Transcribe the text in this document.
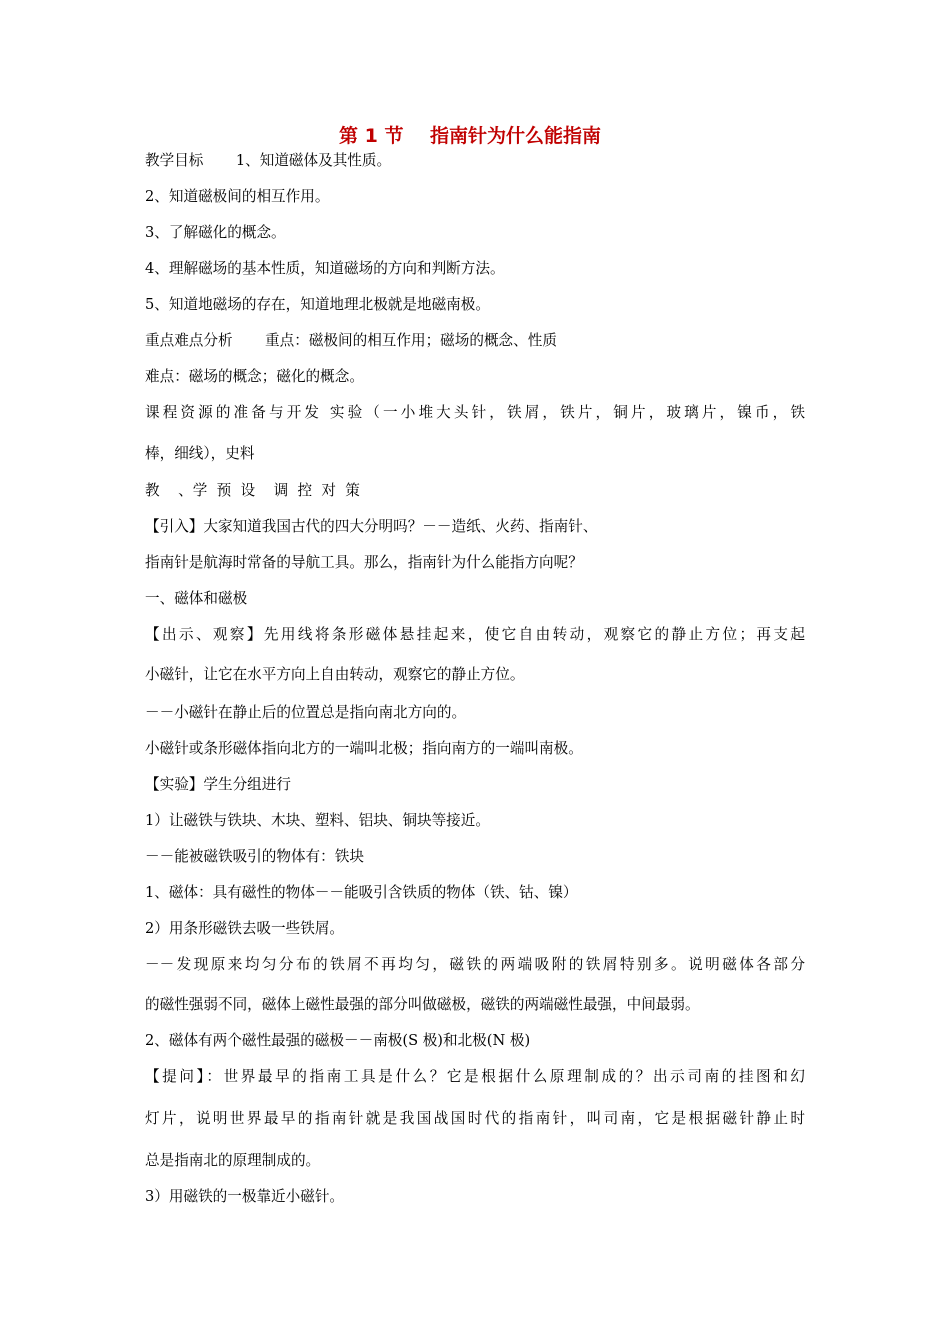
第 1 节    指南针为什么能指南
教学目标       1、知道磁体及其性质。
2、知道磁极间的相互作用。
3、了解磁化的概念。
4、理解磁场的基本性质，知道磁场的方向和判断方法。
5、知道地磁场的存在，知道地理北极就是地磁南极。
重点难点分析       重点：磁极间的相互作用；磁场的概念、性质
难点：磁场的概念；磁化的概念。
课程资源的准备与开发 实验（一小堆大头针，铁屑，铁片，铜片，玻璃片，镍币，铁
棒，细线），史料
教    、学  预  设    调  控  对  策
【引入】大家知道我国古代的四大分明吗？－－造纸、火药、指南针、
指南针是航海时常备的导航工具。那么，指南针为什么能指方向呢？
一、磁体和磁极
【出示、观察】先用线将条形磁体悬挂起来，使它自由转动，观察它的静止方位；再支起
小磁针，让它在水平方向上自由转动，观察它的静止方位。
－－小磁针在静止后的位置总是指向南北方向的。
小磁针或条形磁体指向北方的一端叫北极；指向南方的一端叫南极。
【实验】学生分组进行
1）让磁铁与铁块、木块、塑料、铝块、铜块等接近。
－－能被磁铁吸引的物体有：铁块
1、磁体：具有磁性的物体－－能吸引含铁质的物体（铁、钴、镍）
2）用条形磁铁去吸一些铁屑。
－－发现原来均匀分布的铁屑不再均匀，磁铁的两端吸附的铁屑特别多。说明磁体各部分
的磁性强弱不同，磁体上磁性最强的部分叫做磁极，磁铁的两端磁性最强，中间最弱。
2、磁体有两个磁性最强的磁极－－南极(S 极)和北极(N 极)
【提问】：世界最早的指南工具是什么？它是根据什么原理制成的？出示司南的挂图和幻
灯片，说明世界最早的指南针就是我国战国时代的指南针，叫司南，它是根据磁针静止时
总是指南北的原理制成的。
3）用磁铁的一极靠近小磁针。
